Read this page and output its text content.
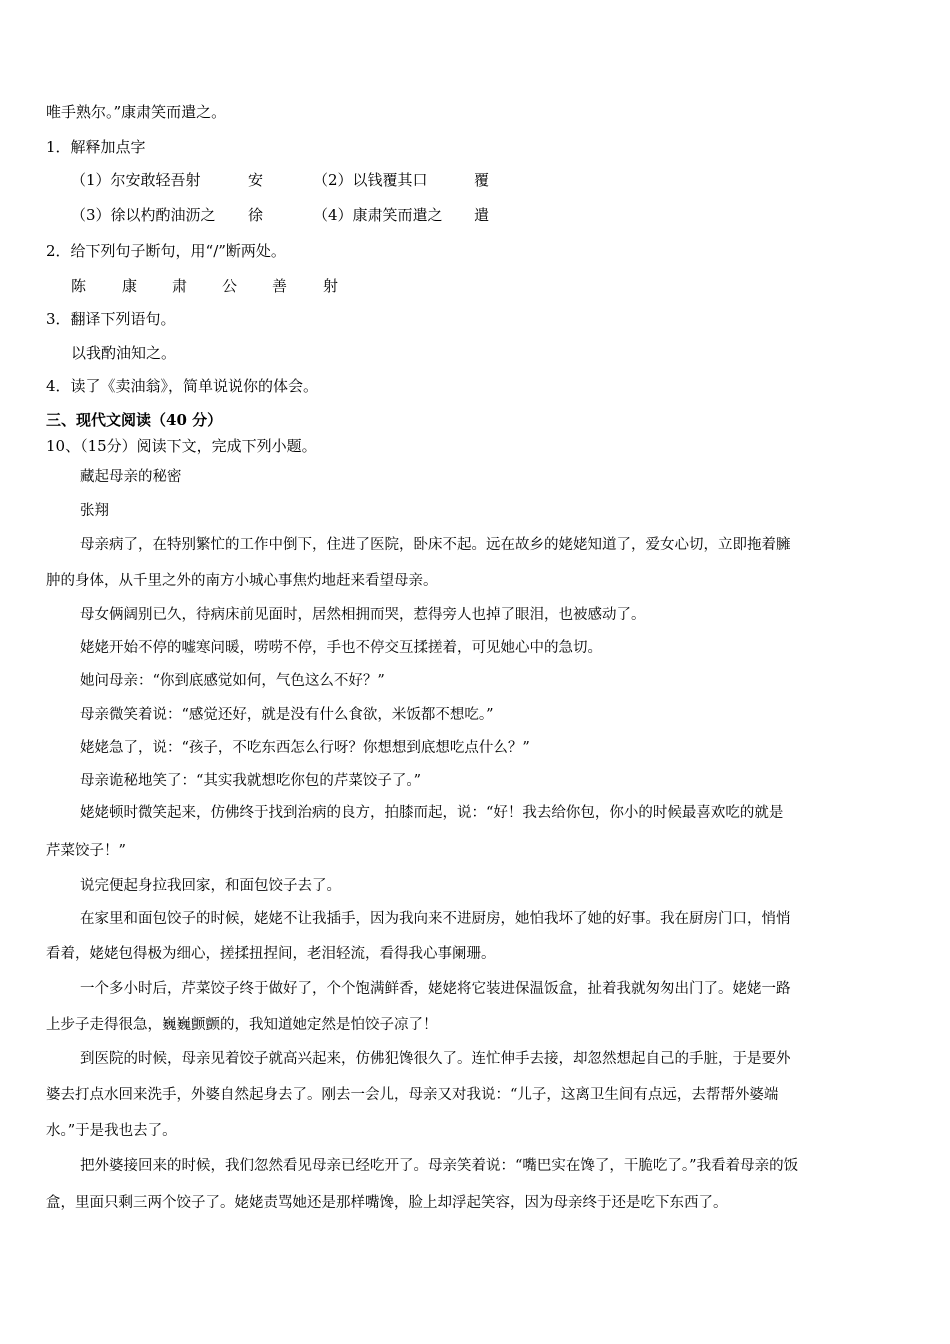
唯手熟尔。”康肃笑而遣之。
1．解释加点字
（1）尔安敢轻吾射	安	（2）以钱覆其口	覆
（3）徐以杓酌油沥之 徐	（4）康肃笑而遣之 遣
2．给下列句子断句，用“/”断两处。
陈 康 肃 公 善 射
3．翻译下列语句。
以我酌油知之。
4．读了《卖油翁》，简单说说你的体会。
三、现代文阅读（40 分）
10、（15分）阅读下文，完成下列小题。
藏起母亲的秘密
张翔
母亲病了，在特别繁忙的工作中倒下，住进了医院，卧床不起。远在故乡的姥姥知道了，爱女心切，立即拖着臃
肿的身体，从千里之外的南方小城心事焦灼地赶来看望母亲。
母女俩阔别已久，待病床前见面时，居然相拥而哭，惹得旁人也掉了眼泪，也被感动了。
姥姥开始不停的嘘寒问暖，唠唠不停，手也不停交互揉搓着，可见她心中的急切。
她问母亲：“你到底感觉如何，气色这么不好？”
母亲微笑着说：“感觉还好，就是没有什么食欲，米饭都不想吃。”
姥姥急了，说：“孩子，不吃东西怎么行呀？你想想到底想吃点什么？”
母亲诡秘地笑了：“其实我就想吃你包的芹菜饺子了。”
姥姥顿时微笑起来，仿佛终于找到治病的良方，拍膝而起，说：“好！我去给你包，你小的时候最喜欢吃的就是
芹菜饺子！”
说完便起身拉我回家，和面包饺子去了。
在家里和面包饺子的时候，姥姥不让我插手，因为我向来不进厨房，她怕我坏了她的好事。我在厨房门口，悄悄
看着，姥姥包得极为细心，搓揉扭捏间，老泪轻流，看得我心事阑珊。
一个多小时后，芹菜饺子终于做好了，个个饱满鲜香，姥姥将它装进保温饭盒，扯着我就匆匆出门了。姥姥一路
上步子走得很急，巍巍颤颤的，我知道她定然是怕饺子凉了！
到医院的时候，母亲见着饺子就高兴起来，仿佛犯馋很久了。连忙伸手去接，却忽然想起自己的手脏，于是要外
婆去打点水回来洗手，外婆自然起身去了。刚去一会儿，母亲又对我说：“儿子，这离卫生间有点远，去帮帮外婆端
水。”于是我也去了。
把外婆接回来的时候，我们忽然看见母亲已经吃开了。母亲笑着说：“嘴巴实在馋了，干脆吃了。”我看着母亲的饭
盒，里面只剩三两个饺子了。姥姥责骂她还是那样嘴馋，脸上却浮起笑容，因为母亲终于还是吃下东西了。
